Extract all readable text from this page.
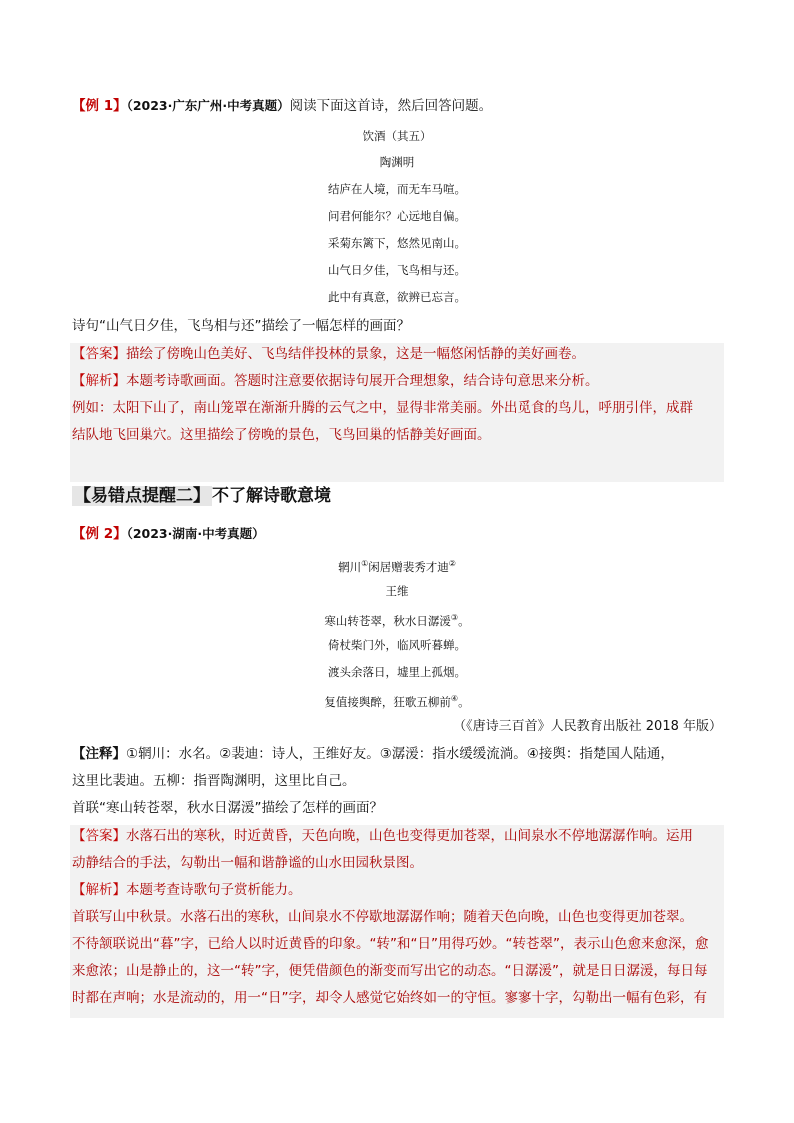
【例 1】（2023·广东广州·中考真题）阅读下面这首诗，然后回答问题。
饮酒（其五）
陶渊明
结庐在人境，而无车马喧。
问君何能尔？心远地自偏。
采菊东篱下，悠然见南山。
山气日夕佳，飞鸟相与还。
此中有真意，欲辨已忘言。
诗句“山气日夕佳，飞鸟相与还”描绘了一幅怎样的画面？
【答案】描绘了傍晚山色美好、飞鸟结伴投林的景象，这是一幅悠闲恬静的美好画卷。
【解析】本题考诗歌画面。答题时注意要依据诗句展开合理想象，结合诗句意思来分析。
例如：太阳下山了，南山笼罩在渐渐升腾的云气之中，显得非常美丽。外出觅食的鸟儿，呼朋引伴，成群
结队地飞回巢穴。这里描绘了傍晚的景色，飞鸟回巢的恬静美好画面。
【易错点提醒二】 不了解诗歌意境
【例 2】（2023·湖南·中考真题）
辋川①闲居赠裴秀才迪②
王维
寒山转苍翠，秋水日潺湲③。
倚杖柴门外，临风听暮蝉。
渡头余落日，墟里上孤烟。
复值接舆醉，狂歌五柳前④。
（《唐诗三百首》人民教育出版社 2018 年版）
【注释】①辋川：水名。②裴迪：诗人，王维好友。③潺湲：指水缓缓流淌。④接舆：指楚国人陆通，
这里比裴迪。五柳：指晋陶渊明，这里比自己。
首联“寒山转苍翠，秋水日潺湲”描绘了怎样的画面？
【答案】水落石出的寒秋，时近黄昏，天色向晚，山色也变得更加苍翠，山间泉水不停地潺潺作响。运用
动静结合的手法，勾勒出一幅和谐静谧的山水田园秋景图。
【解析】本题考查诗歌句子赏析能力。
首联写山中秋景。水落石出的寒秋，山间泉水不停歇地潺潺作响；随着天色向晚，山色也变得更加苍翠。
不待颔联说出“暮”字，已给人以时近黄昏的印象。“转”和“日”用得巧妙。“转苍翠”，表示山色愈来愈深，愈
来愈浓；山是静止的，这一“转”字，便凭借颜色的渐变而写出它的动态。“日潺湲”，就是日日潺湲，每日每
时都在声响；水是流动的，用一“日”字，却令人感觉它始终如一的守恒。寥寥十字，勾勒出一幅有色彩，有
